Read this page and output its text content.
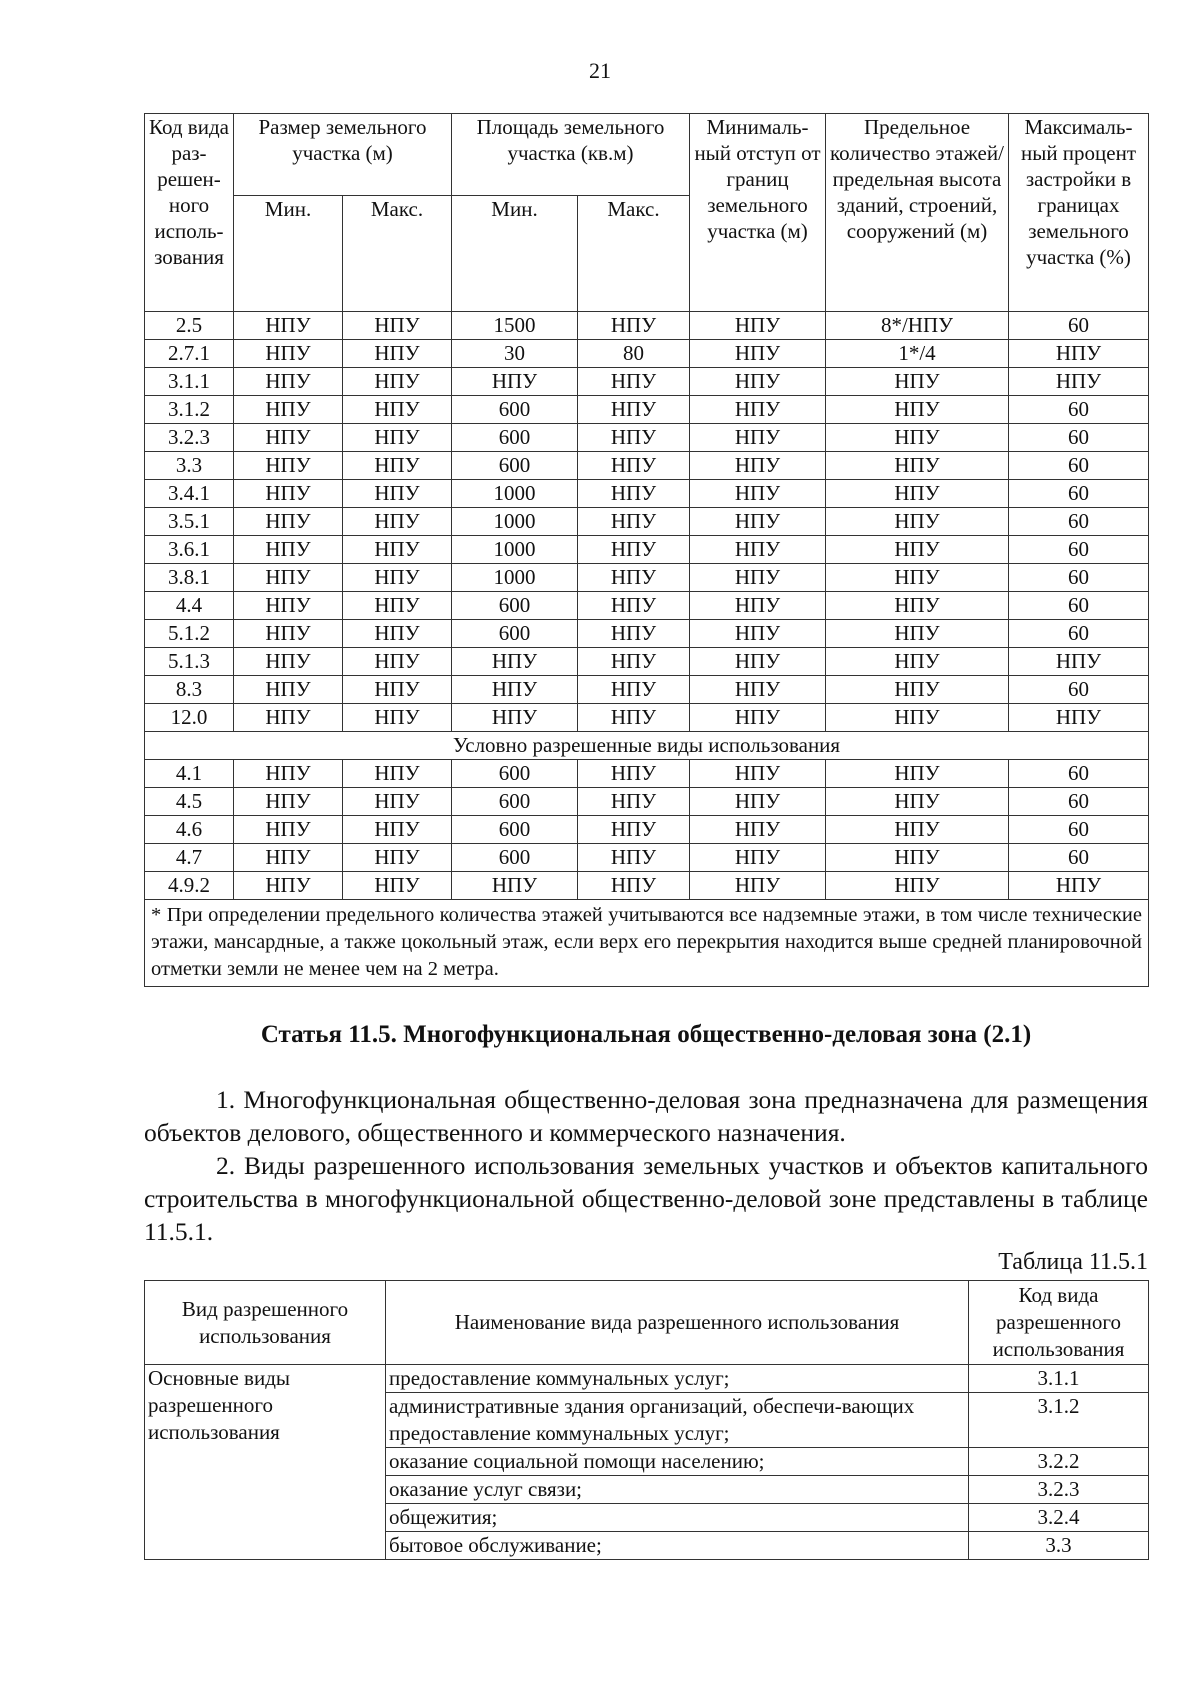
21
Код вида раз-решен-ного исполь-зования	Размер земельного участка (м)		Площадь земельного участка (кв.м)		Минималь-ный отступ от границ земельного участка (м)	Предельное количество этажей/ предельная высота зданий, строений, сооружений (м)	Максималь-ный процент застройки в границах земельного участка (%)
	Мин.	Макс.	Мин.	Макс.			
2.5	НПУ	НПУ	1500	НПУ	НПУ	8*/НПУ	60
2.7.1	НПУ	НПУ	30	80	НПУ	1*/4	НПУ
3.1.1	НПУ	НПУ	НПУ	НПУ	НПУ	НПУ	НПУ
3.1.2	НПУ	НПУ	600	НПУ	НПУ	НПУ	60
3.2.3	НПУ	НПУ	600	НПУ	НПУ	НПУ	60
3.3	НПУ	НПУ	600	НПУ	НПУ	НПУ	60
3.4.1	НПУ	НПУ	1000	НПУ	НПУ	НПУ	60
3.5.1	НПУ	НПУ	1000	НПУ	НПУ	НПУ	60
3.6.1	НПУ	НПУ	1000	НПУ	НПУ	НПУ	60
3.8.1	НПУ	НПУ	1000	НПУ	НПУ	НПУ	60
4.4	НПУ	НПУ	600	НПУ	НПУ	НПУ	60
5.1.2	НПУ	НПУ	600	НПУ	НПУ	НПУ	60
5.1.3	НПУ	НПУ	НПУ	НПУ	НПУ	НПУ	НПУ
8.3	НПУ	НПУ	НПУ	НПУ	НПУ	НПУ	60
12.0	НПУ	НПУ	НПУ	НПУ	НПУ	НПУ	НПУ
Условно разрешенные виды использования							
4.1	НПУ	НПУ	600	НПУ	НПУ	НПУ	60
4.5	НПУ	НПУ	600	НПУ	НПУ	НПУ	60
4.6	НПУ	НПУ	600	НПУ	НПУ	НПУ	60
4.7	НПУ	НПУ	600	НПУ	НПУ	НПУ	60
4.9.2	НПУ	НПУ	НПУ	НПУ	НПУ	НПУ	НПУ
* При определении предельного количества этажей учитываются все надземные этажи, в том числе технические этажи, мансардные, а также цокольный этаж, если верх его перекрытия находится выше средней планировочной отметки земли не менее чем на 2 метра.							
Статья 11.5. Многофункциональная общественно-деловая зона (2.1)

1. Многофункциональная общественно-деловая зона предназначена для размещения объектов делового, общественного и коммерческого назначения.

2. Виды разрешенного использования земельных участков и объектов капитального строительства в многофункциональной общественно-деловой зоне представлены в таблице 11.5.1.

Таблица 11.5.1
Вид разрешенного использования	Наименование вида разрешенного использования	Код вида разрешенного использования
Основные виды разрешенного использования	предоставление коммунальных услуг;	3.1.1
	административные здания организаций, обеспечи-вающих предоставление коммунальных услуг;	3.1.2
	оказание социальной помощи населению;	3.2.2
	оказание услуг связи;	3.2.3
	общежития;	3.2.4
	бытовое обслуживание;	3.3
